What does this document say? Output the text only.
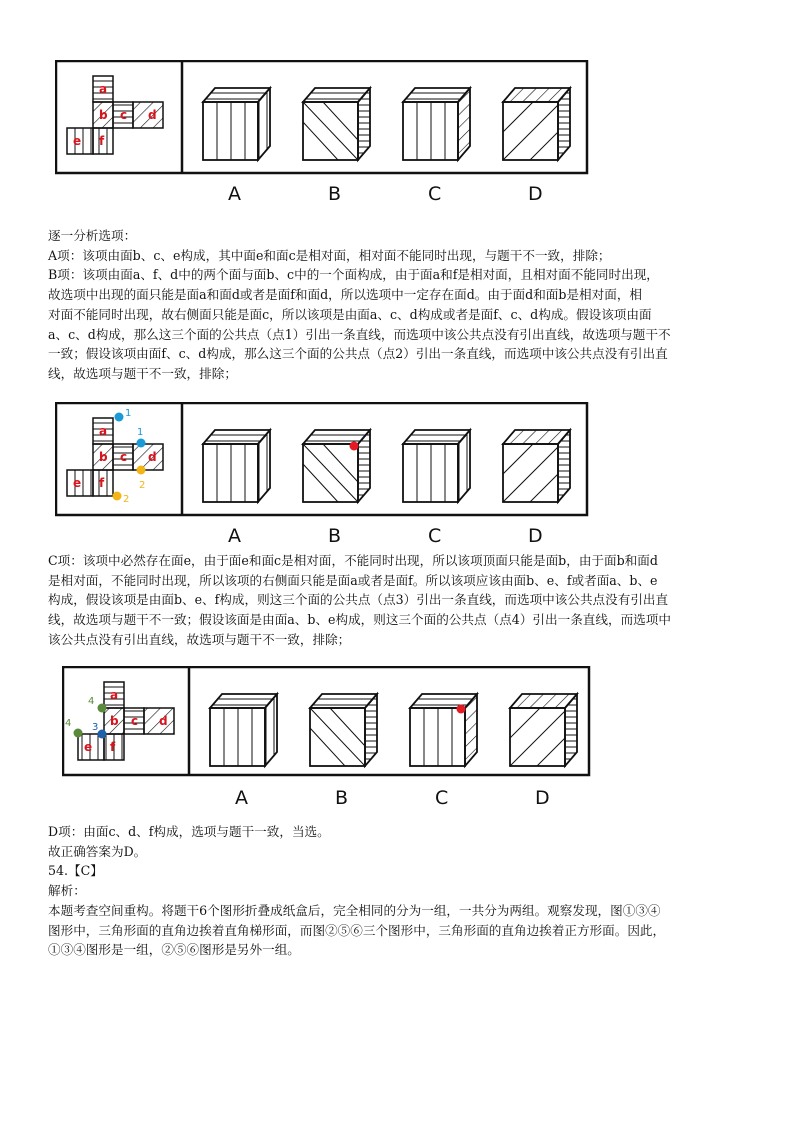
a
b c d
e f
A	B	C	D

逐一分析选项：

A项：该项由面b、c、e构成，其中面e和面c是相对面，相对面不能同时出现，与题干不一致，排除；

B项：该项由面a、f、d中的两个面与面b、c中的一个面构成，由于面a和f是相对面，且相对面不能同时出现，

故选项中出现的面只能是面a和面d或者是面f和面d，所以选项中一定存在面d。由于面d和面b是相对面，相

对面不能同时出现，故右侧面只能是面c，所以该项是由面a、c、d构成或者是面f、c、d构成。假设该项由面

a、c、d构成，那么这三个面的公共点（点1）引出一条直线，而选项中该公共点没有引出直线，故选项与题干不

一致；假设该项由面f、c、d构成，那么这三个面的公共点（点2）引出一条直线，而选项中该公共点没有引出直

线，故选项与题干不一致，排除；

a
b c d
e f
1
1
2
2
A	B	C	D

C项：该项中必然存在面e，由于面e和面c是相对面，不能同时出现，所以该项顶面只能是面b，由于面b和面d

是相对面，不能同时出现，所以该项的右侧面只能是面a或者是面f。所以该项应该由面b、e、f或者面a、b、e

构成，假设该项是由面b、e、f构成，则这三个面的公共点（点3）引出一条直线，而选项中该公共点没有引出直

线，故选项与题干不一致；假设该面是由面a、b、e构成，则这三个面的公共点（点4）引出一条直线，而选项中

该公共点没有引出直线，故选项与题干不一致，排除；

a
b c d
e f
4
4 3
A	B	C	D

D项：由面c、d、f构成，选项与题干一致，当选。

故正确答案为D。

54.【C】

解析：

本题考查空间重构。将题干6个图形折叠成纸盒后，完全相同的分为一组，一共分为两组。观察发现，图①③④

图形中，三角形面的直角边挨着直角梯形面，而图②⑤⑥三个图形中，三角形面的直角边挨着正方形面。因此，

①③④图形是一组，②⑤⑥图形是另外一组。
